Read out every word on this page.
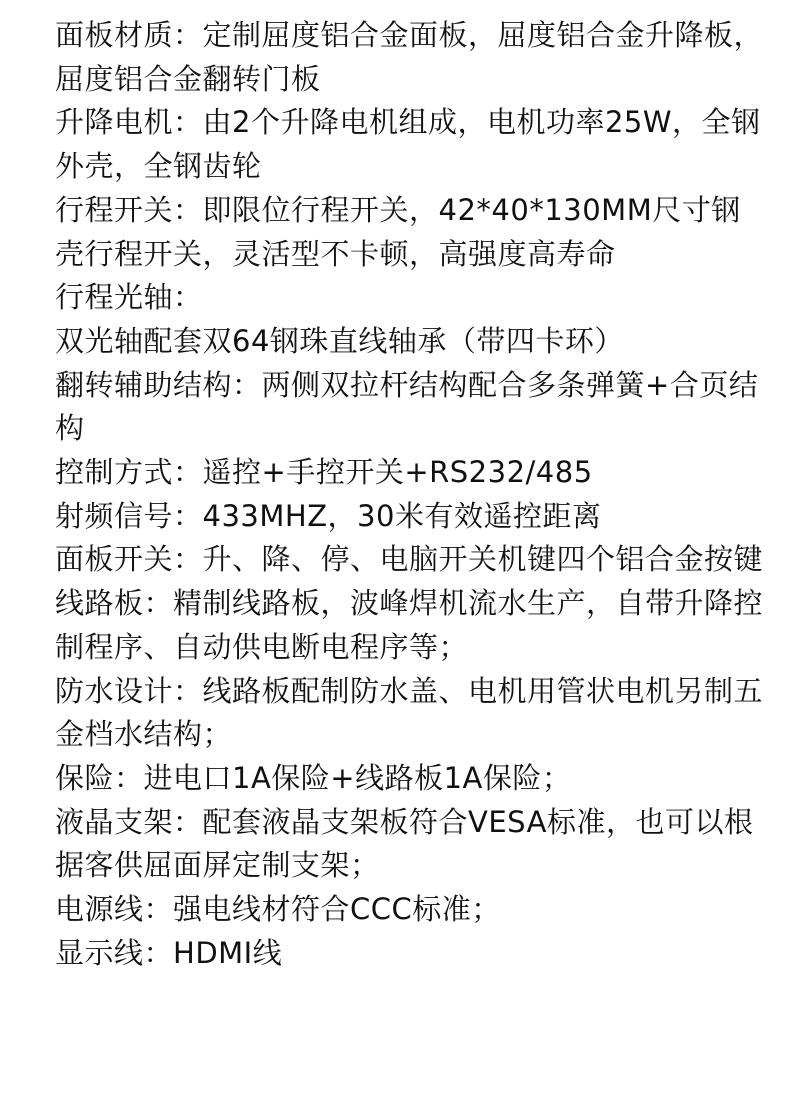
面板材质：定制屈度铝合金面板，屈度铝合金升降板，屈度铝合金翻转门板

升降电机：由2个升降电机组成，电机功率25W，全钢外壳，全钢齿轮

行程开关：即限位行程开关，42*40*130MM尺寸钢壳行程开关，灵活型不卡顿，高强度高寿命

行程光轴：双光轴配套双64钢珠直线轴承（带四卡环）

翻转辅助结构：两侧双拉杆结构配合多条弹簧+合页结构

控制方式：遥控+手控开关+RS232/485

射频信号：433MHZ，30米有效遥控距离

面板开关：升、降、停、电脑开关机键四个铝合金按键

线路板：精制线路板，波峰焊机流水生产，自带升降控制程序、自动供电断电程序等；

防水设计：线路板配制防水盖、电机用管状电机另制五金档水结构；

保险：进电口1A保险+线路板1A保险；

液晶支架：配套液晶支架板符合VESA标准，也可以根据客供屈面屏定制支架；

电源线：强电线材符合CCC标准；

显示线：HDMI线
